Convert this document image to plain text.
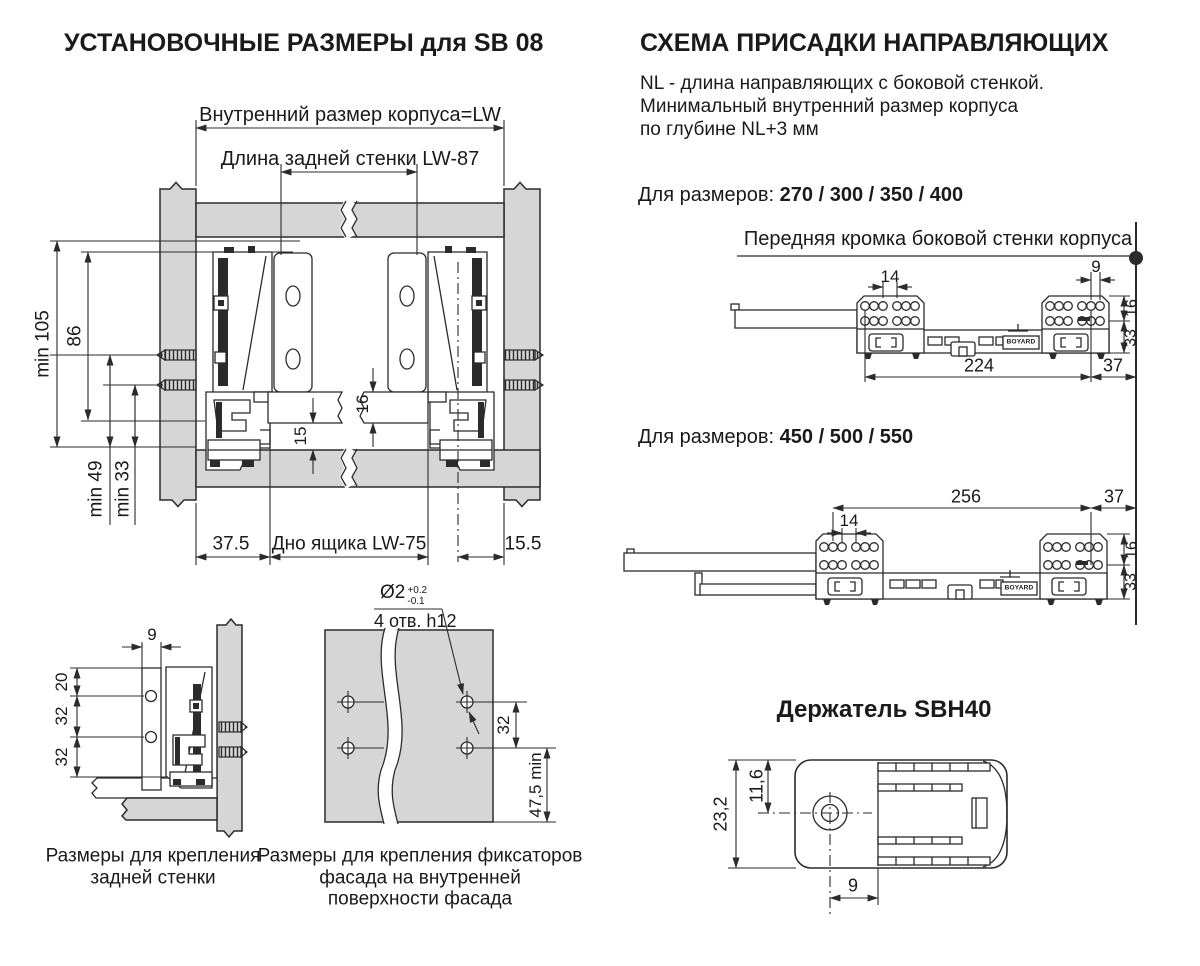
УСТАНОВОЧНЫЕ РАЗМЕРЫ для SB 08
Внутренний размер корпуса=LW
Длина задней стенки LW-87
min 105 86
min 49 min 33
16
15
37.5 Дно ящика LW-75	15.5
9
20
32
32
Размеры для крепления
задней стенки
Ø2 +0.2
-0.1
4 отв. h12
32
47,5 min
Размеры для крепления фиксаторов
фасада на внутренней
поверхности фасада
СХЕМА ПРИСАДКИ НАПРАВЛЯЮЩИХ
NL - длина направляющих с боковой стенкой.
Минимальный внутренний размер корпуса
по глубине NL+3 мм
Для размеров: 270 / 300 / 350 / 400
Передняя кромка боковой стенки корпуса
14
9
16
33
224	37
BOYARD
Для размеров: 450 / 500 / 550
14
256	37
16
33
BOYARD
Держатель SBH40
23,2
11,6
9
